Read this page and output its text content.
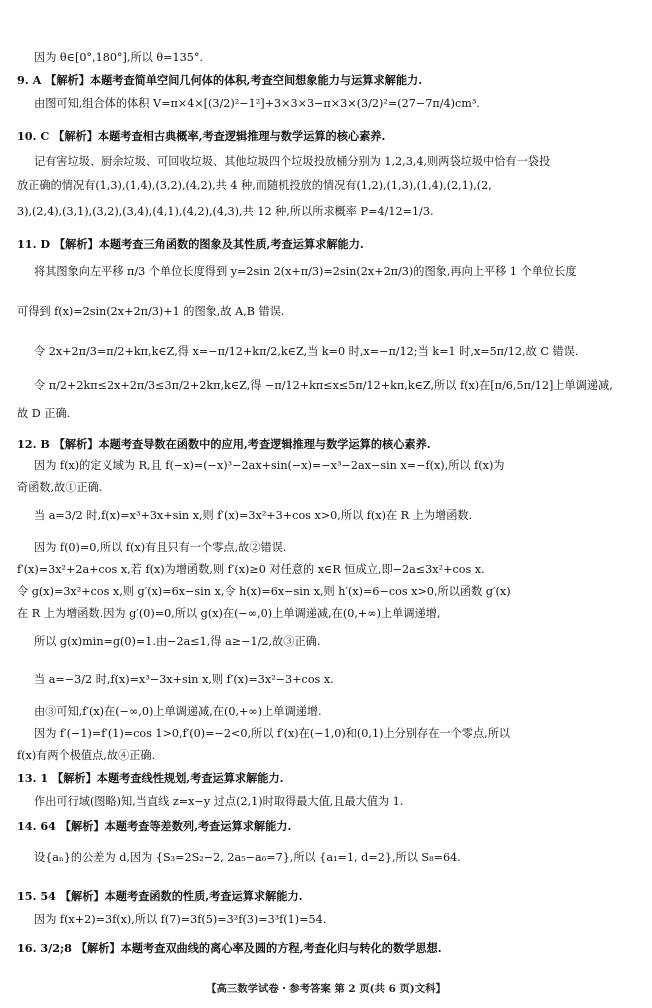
因为 θ∈[0°,180°],所以 θ=135°.
9. A 【解析】本题考查简单空间几何体的体积,考查空间想象能力与运算求解能力.
由图可知,组合体的体积 V=π×4×[(3/2)²−1²]+3×3×3−π×3×(3/2)²=(27−7π/4)cm³.
10. C 【解析】本题考查相古典概率,考查逻辑推理与数学运算的核心素养.
记有害垃圾、厨余垃圾、可回收垃圾、其他垃圾四个垃圾投放桶分别为 1,2,3,4,则两袋垃圾中恰有一袋投
放正确的情况有(1,3),(1,4),(3,2),(4,2),共 4 种,而随机投放的情况有(1,2),(1,3),(1,4),(2,1),(2,
3),(2,4),(3,1),(3,2),(3,4),(4,1),(4,2),(4,3),共 12 种,所以所求概率 P=4/12=1/3.
11. D 【解析】本题考查三角函数的图象及其性质,考查运算求解能力.
将其图象向左平移 π/3 个单位长度得到 y=2sin 2(x+π/3)=2sin(2x+2π/3)的图象,再向上平移 1 个单位长度
可得到 f(x)=2sin(2x+2π/3)+1 的图象,故 A,B 错误.
令 2x+2π/3=π/2+kπ,k∈Z,得 x=−π/12+kπ/2,k∈Z,当 k=0 时,x=−π/12;当 k=1 时,x=5π/12,故 C 错误.
令 π/2+2kπ≤2x+2π/3≤3π/2+2kπ,k∈Z,得 −π/12+kπ≤x≤5π/12+kπ,k∈Z,所以 f(x)在[π/6,5π/12]上单调递减,
故 D 正确.
12. B 【解析】本题考查导数在函数中的应用,考查逻辑推理与数学运算的核心素养.
因为 f(x)的定义域为 R,且 f(−x)=(−x)³−2ax+sin(−x)=−x³−2ax−sin x=−f(x),所以 f(x)为
奇函数,故①正确.
当 a=3/2 时,f(x)=x³+3x+sin x,则 f′(x)=3x²+3+cos x>0,所以 f(x)在 R 上为增函数.
因为 f(0)=0,所以 f(x)有且只有一个零点,故②错误.
f′(x)=3x²+2a+cos x,若 f(x)为增函数,则 f′(x)≥0 对任意的 x∈R 恒成立,即−2a≤3x²+cos x.
令 g(x)=3x²+cos x,则 g′(x)=6x−sin x,令 h(x)=6x−sin x,则 h′(x)=6−cos x>0,所以函数 g′(x)
在 R 上为增函数.因为 g′(0)=0,所以 g(x)在(−∞,0)上单调递减,在(0,+∞)上单调递增,
所以 g(x)min=g(0)=1.由−2a≤1,得 a≥−1/2,故③正确.
当 a=−3/2 时,f(x)=x³−3x+sin x,则 f′(x)=3x²−3+cos x.
由③可知,f′(x)在(−∞,0)上单调递减,在(0,+∞)上单调递增.
因为 f′(−1)=f′(1)=cos 1>0,f′(0)=−2<0,所以 f′(x)在(−1,0)和(0,1)上分别存在一个零点,所以
f(x)有两个极值点,故④正确.
13. 1 【解析】本题考查线性规划,考查运算求解能力.
作出可行域(图略)知,当直线 z=x−y 过点(2,1)时取得最大值,且最大值为 1.
14. 64 【解析】本题考查等差数列,考查运算求解能力.
设{aₙ}的公差为 d,因为 {S₃=2S₂−2, 2a₅−a₆=7},所以 {a₁=1, d=2},所以 S₈=64.
15. 54 【解析】本题考查函数的性质,考查运算求解能力.
因为 f(x+2)=3f(x),所以 f(7)=3f(5)=3²f(3)=3³f(1)=54.
16. 3/2;8 【解析】本题考查双曲线的离心率及圆的方程,考查化归与转化的数学思想.
【高三数学试卷・参考答案 第 2 页(共 6 页)文科】
